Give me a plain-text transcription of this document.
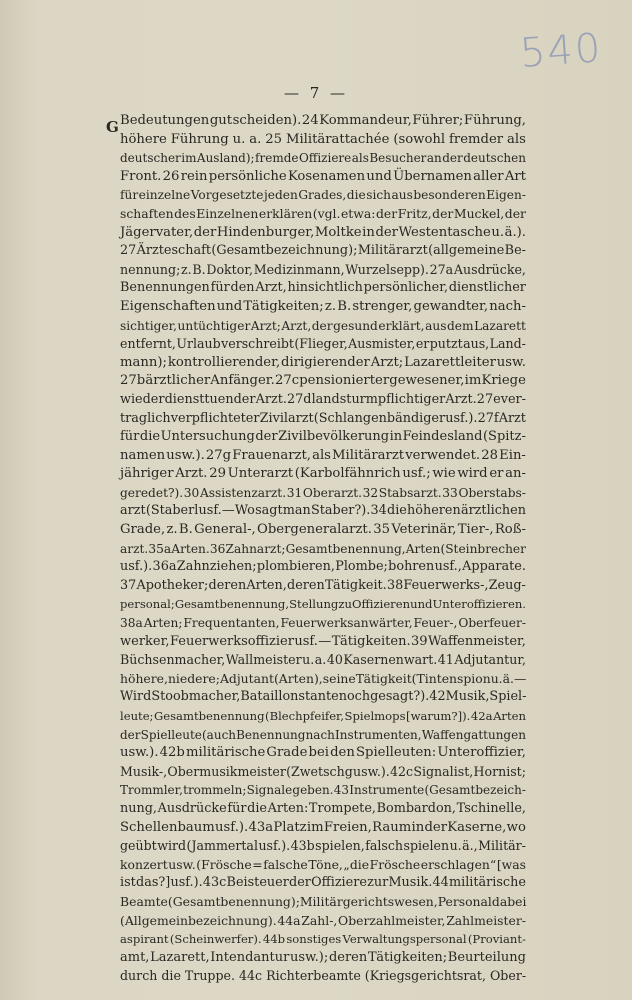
540
— 7 —
G Bedeutungen gut scheiden). 24 Kommandeur, Führer; Führung,
höhere Führung u. a. 25 Militärattachée (sowohl fremder als
deutscher im Ausland); fremde Offiziere als Besucher an der deutschen
Front. 26 rein persönliche Kosenamen und Übernamen aller Art
für einzelne Vorgesetzte jeden Grades, die sich aus besonderen Eigen-
schaften des Einzelnen erklären (vgl. etwa: der Fritz, der Muckel, der
Jägervater, der Hindenburger, Moltke in der Westentasche u. ä.).
27 Ärzteschaft (Gesamtbezeichnung); Militärarzt (allgemeine Be-
nennung; z. B. Doktor, Medizinmann, Wurzelsepp). 27a Ausdrücke,
Benennungen für den Arzt, hinsichtlich persönlicher, dienstlicher
Eigenschaften und Tätigkeiten; z. B. strenger, gewandter, nach-
sichtiger, untüchtiger Arzt; Arzt, der gesund erklärt, aus dem Lazarett
entfernt, Urlaub verschreibt (Flieger, Ausmister, er putzt aus, Land-
mann); kontrollierender, dirigierender Arzt; Lazarettleiter usw.
27b ärztlicher Anfänger. 27c pensionierter gewesener, im Kriege
wieder diensttuender Arzt. 27d landsturmpflichtiger Arzt. 27e ver-
traglich verpflichteter Zivilarzt (Schlangenbändiger usf.). 27f Arzt
für die Untersuchung der Zivilbevölkerung in Feindesland (Spitz-
namen usw.). 27g Frauenarzt, als Militärarzt verwendet. 28 Ein-
jähriger Arzt. 29 Unterarzt (Karbolfähnrich usf.; wie wird er an-
geredet?). 30 Assistenzarzt. 31 Oberarzt. 32 Stabsarzt. 33 Oberstabs-
arzt (Staberl usf. — Wo sagt man Staber?). 34 die höheren ärztlichen
Grade, z. B. General-, Obergeneralarzt. 35 Veterinär, Tier-, Roß-
arzt. 35a Arten. 36 Zahnarzt; Gesamtbenennung, Arten (Steinbrecher
usf.). 36a Zahnziehen; plombieren, Plombe; bohren usf., Apparate.
37 Apotheker; deren Arten, deren Tätigkeit. 38 Feuerwerks-, Zeug-
personal; Gesamtbenennung, Stellung zu Offizieren und Unteroffizieren.
38a Arten; Frequentanten, Feuerwerksanwärter, Feuer-, Oberfeuer-
werker, Feuerwerksoffizier usf. — Tätigkeiten. 39 Waffenmeister,
Büchsenmacher, Wallmeister u. a. 40 Kasernenwart. 41 Adjutantur,
höhere, niedere; Adjutant (Arten), seine Tätigkeit (Tintenspion u. ä. —
Wird Stoobmacher, Bataillonstante noch gesagt?). 42 Musik, Spiel-
leute; Gesamtbenennung (Blechpfeifer, Spielmops [warum?]). 42a Arten
der Spielleute (auch Benennung nach Instrumenten, Waffengattungen
usw.). 42b militärische Grade bei den Spielleuten: Unteroffizier,
Musik-, Obermusikmeister (Zwetschg usw.). 42c Signalist, Hornist;
Trommler, trommeln; Signale geben. 43 Instrumente (Gesamtbezeich-
nung, Ausdrücke für die Arten: Trompete, Bombardon, Tschinelle,
Schellenbaum usf.). 43a Platz im Freien, Raum in der Kaserne, wo
geübt wird (Jammertal usf.). 43b spielen, falsch spielen u. ä., Militär-
konzert usw. (Frösche = falsche Töne, „die Frösche erschlagen“ [was
ist das?] usf.). 43c Beisteuer der Offiziere zur Musik. 44 militärische
Beamte (Gesamtbenennung); Militärgerichtswesen, Personal dabei
(Allgemeinbezeichnung). 44a Zahl-, Oberzahlmeister, Zahlmeister-
aspirant (Scheinwerfer). 44b sonstiges Verwaltungspersonal (Proviant-
amt, Lazarett, Intendantur usw.); deren Tätigkeiten; Beurteilung
durch die Truppe. 44c Richterbeamte (Kriegsgerichtsrat, Ober-
